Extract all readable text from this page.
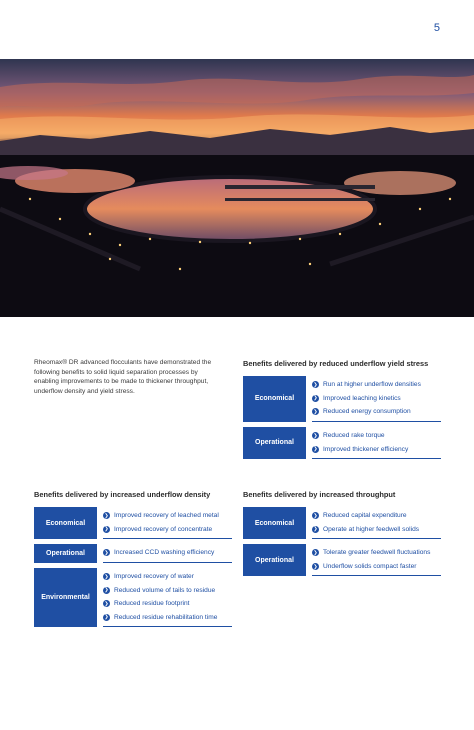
5
Rheomax® DR advanced flocculants have demonstrated the following benefits to solid liquid separation processes by enabling improvements to be made to thickener throughput, underflow density and yield stress.
Benefits delivered by reduced underflow yield stress
Economical
❯ Run at higher underflow densities
❯ Improved leaching kinetics
❯ Reduced energy consumption
Operational
❯ Reduced rake torque
❯ Improved thickener efficiency
Benefits delivered by increased underflow density
Economical
❯ Improved recovery of leached metal
❯ Improved recovery of concentrate
Operational	❯ Increased CCD washing efficiency
Environmental
❯ Improved recovery of water
❯ Reduced volume of tails to residue
❯ Reduced residue footprint
❯ Reduced residue rehabilitation time
Benefits delivered by increased throughput
Economical
❯ Reduced capital expenditure
❯ Operate at higher feedwell solids
Operational
❯ Tolerate greater feedwell fluctuations
❯ Underflow solids compact faster
